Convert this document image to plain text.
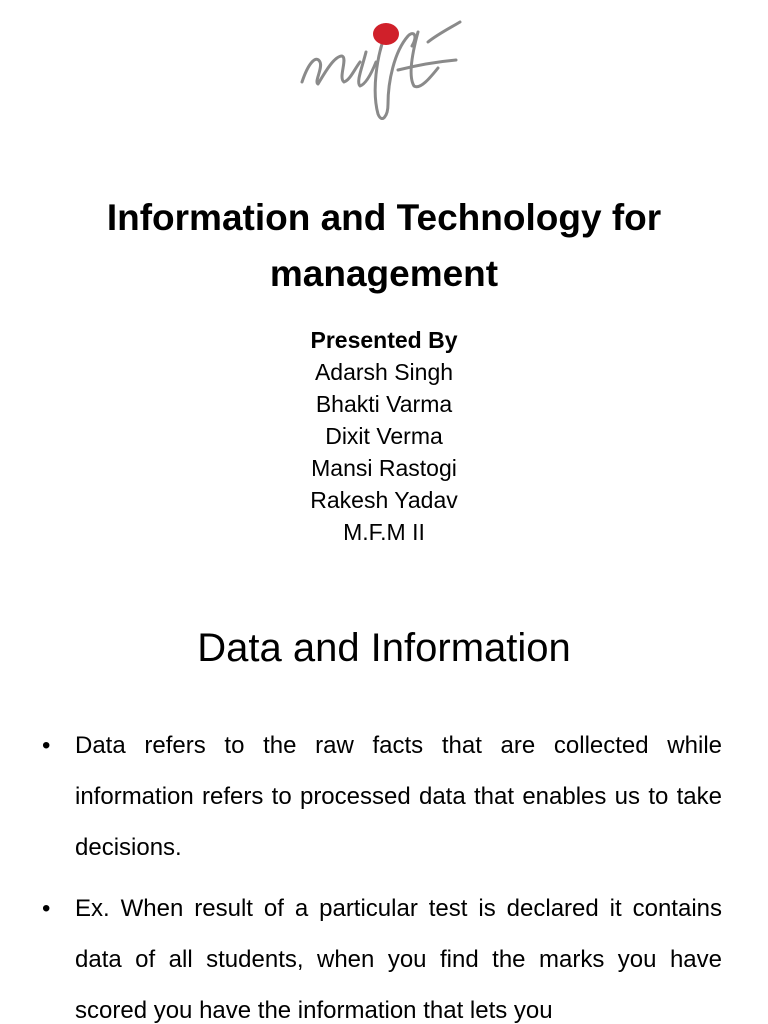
Information and Technology for
management
Presented By
Adarsh Singh
Bhakti Varma
Dixit Verma
Mansi Rastogi
Rakesh Yadav
M.F.M II
Data and Information
• Data refers to the raw facts that are collected while information refers to processed data that enables us to take decisions.
• Ex. When result of a particular test is declared it contains data of all students, when you find the marks you have scored you have the information that lets you
